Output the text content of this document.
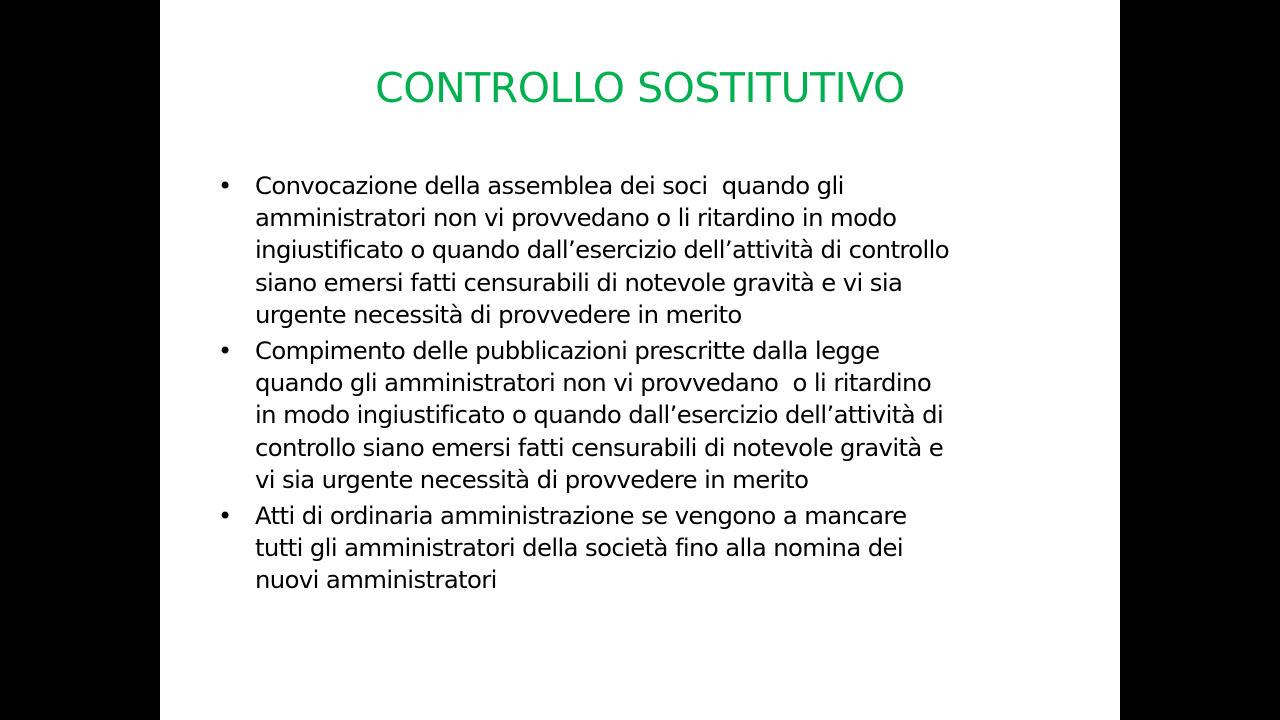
CONTROLLO SOSTITUTIVO
• Convocazione della assemblea dei soci  quando gli
amministratori non vi provvedano o li ritardino in modo
ingiustificato o quando dall’esercizio dell’attività di controllo
siano emersi fatti censurabili di notevole gravità e vi sia
urgente necessità di provvedere in merito
• Compimento delle pubblicazioni prescritte dalla legge
quando gli amministratori non vi provvedano  o li ritardino
in modo ingiustificato o quando dall’esercizio dell’attività di
controllo siano emersi fatti censurabili di notevole gravità e
vi sia urgente necessità di provvedere in merito
• Atti di ordinaria amministrazione se vengono a mancare
tutti gli amministratori della società fino alla nomina dei
nuovi amministratori
